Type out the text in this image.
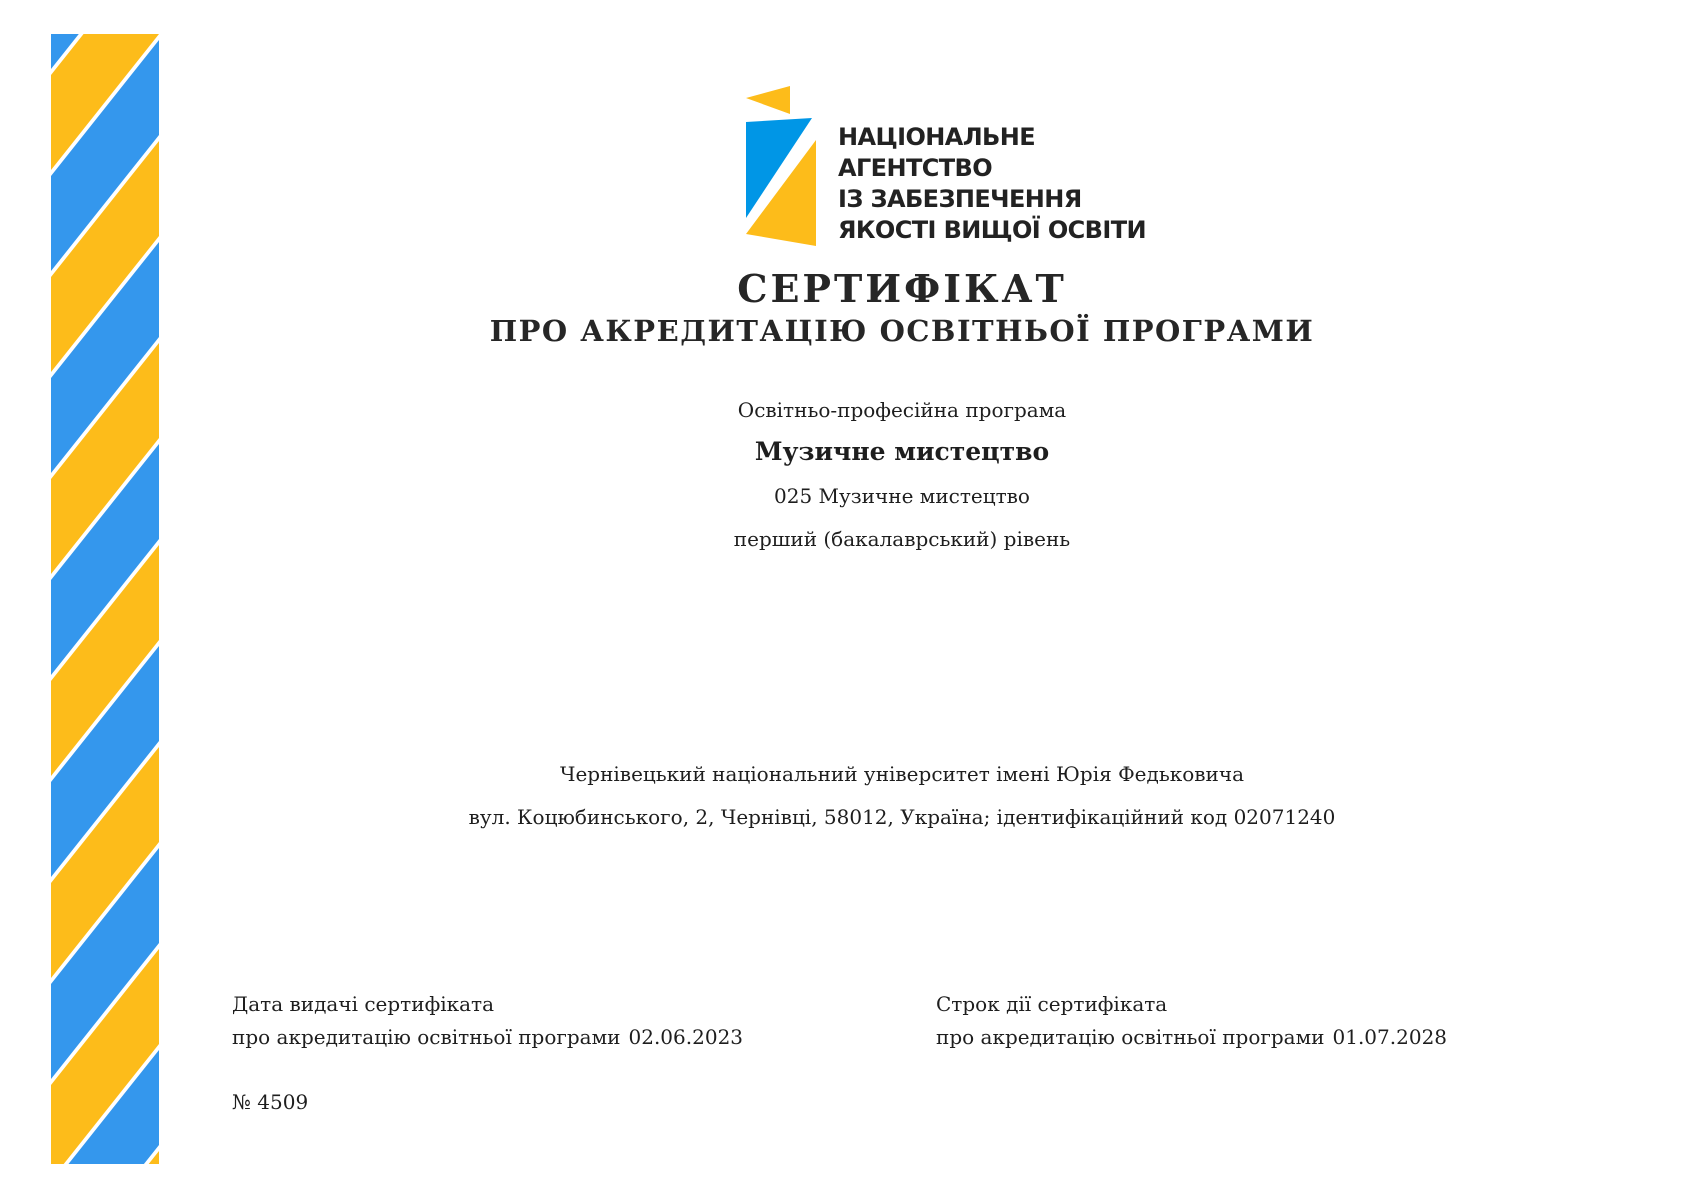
НАЦІОНАЛЬНЕ
АГЕНТСТВО
ІЗ ЗАБЕЗПЕЧЕННЯ
ЯКОСТІ ВИЩОЇ ОСВІТИ
СЕРТИФІКАТ
ПРО АКРЕДИТАЦІЮ ОСВІТНЬОЇ ПРОГРАМИ
Освітньо-професійна програма
Музичне мистецтво
025 Музичне мистецтво
перший (бакалаврський) рівень
Чернівецький національний університет імені Юрія Федьковича
вул. Коцюбинського, 2, Чернівці, 58012, Україна; ідентифікаційний код 02071240
Дата видачі сертифіката
про акредитацію освітньої програми 02.06.2023
Строк дії сертифіката
про акредитацію освітньої програми 01.07.2028
№ 4509
